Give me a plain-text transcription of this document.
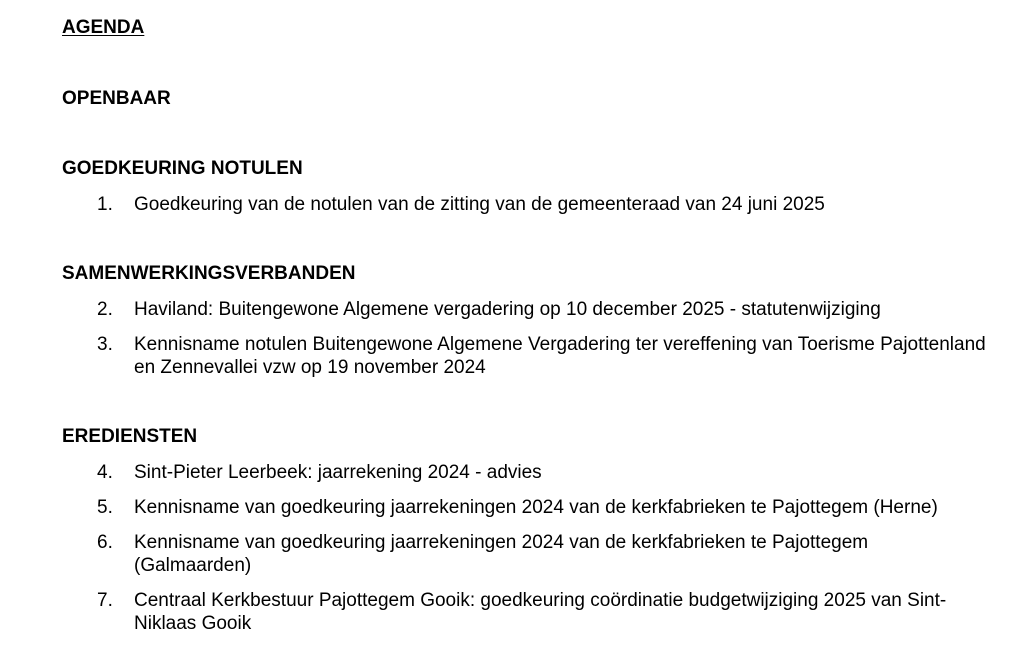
AGENDA
OPENBAAR
GOEDKEURING NOTULEN
1.	Goedkeuring van de notulen van de zitting van de gemeenteraad van 24 juni 2025
SAMENWERKINGSVERBANDEN
2.	Haviland: Buitengewone Algemene vergadering op 10 december 2025 - statutenwijziging
3.	Kennisname notulen Buitengewone Algemene Vergadering ter vereffening van Toerisme Pajottenland en Zennevallei vzw op 19 november 2024
EREDIENSTEN
4.	Sint-Pieter Leerbeek: jaarrekening 2024 - advies
5.	Kennisname van goedkeuring jaarrekeningen 2024 van de kerkfabrieken te Pajottegem (Herne)
6.	Kennisname van goedkeuring jaarrekeningen 2024 van de kerkfabrieken te Pajottegem (Galmaarden)
7.	Centraal Kerkbestuur Pajottegem Gooik: goedkeuring coördinatie budgetwijziging 2025 van Sint-Niklaas Gooik
